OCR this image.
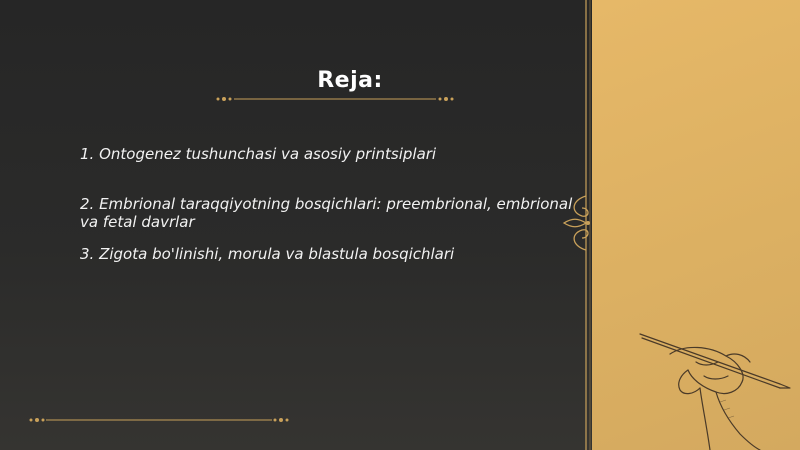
Reja:
1. Ontogenez tushunchasi va asosiy printsiplari
2. Embrional taraqqiyotning bosqichlari: preembrional, embrional va fetal davrlar
3. Zigota bo'linishi, morula va blastula bosqichlari
